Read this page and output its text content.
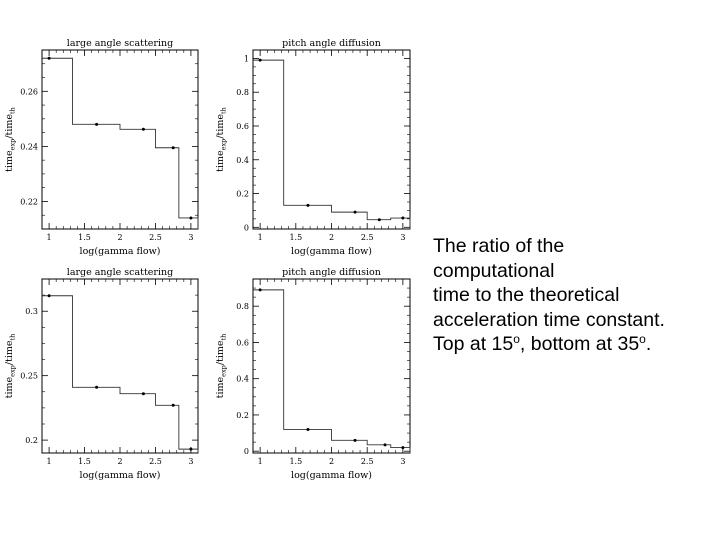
1	1.5	2	2.5	3
0.22
0.24
0.26
large angle scattering
log(gamma flow)
time$_{exp}$/time$_{th}$
1	1.5	2	2.5	3
0
0.2
0.4
0.6
0.8
1
pitch angle diffusion
log(gamma flow)
time$_{exp}$/time$_{th}$
1	1.5	2	2.5	3
0.2
0.25
0.3
large angle scattering
log(gamma flow)
time$_{exp}$/time$_{th}$
1	1.5	2	2.5	3
0
0.2
0.4
0.6
0.8
pitch angle diffusion
log(gamma flow)
time$_{exp}$/time$_{th}$
The ratio of the
computational
time to the theoretical
acceleration time constant.
Top at 15$^o$, bottom at 35$^o$.
